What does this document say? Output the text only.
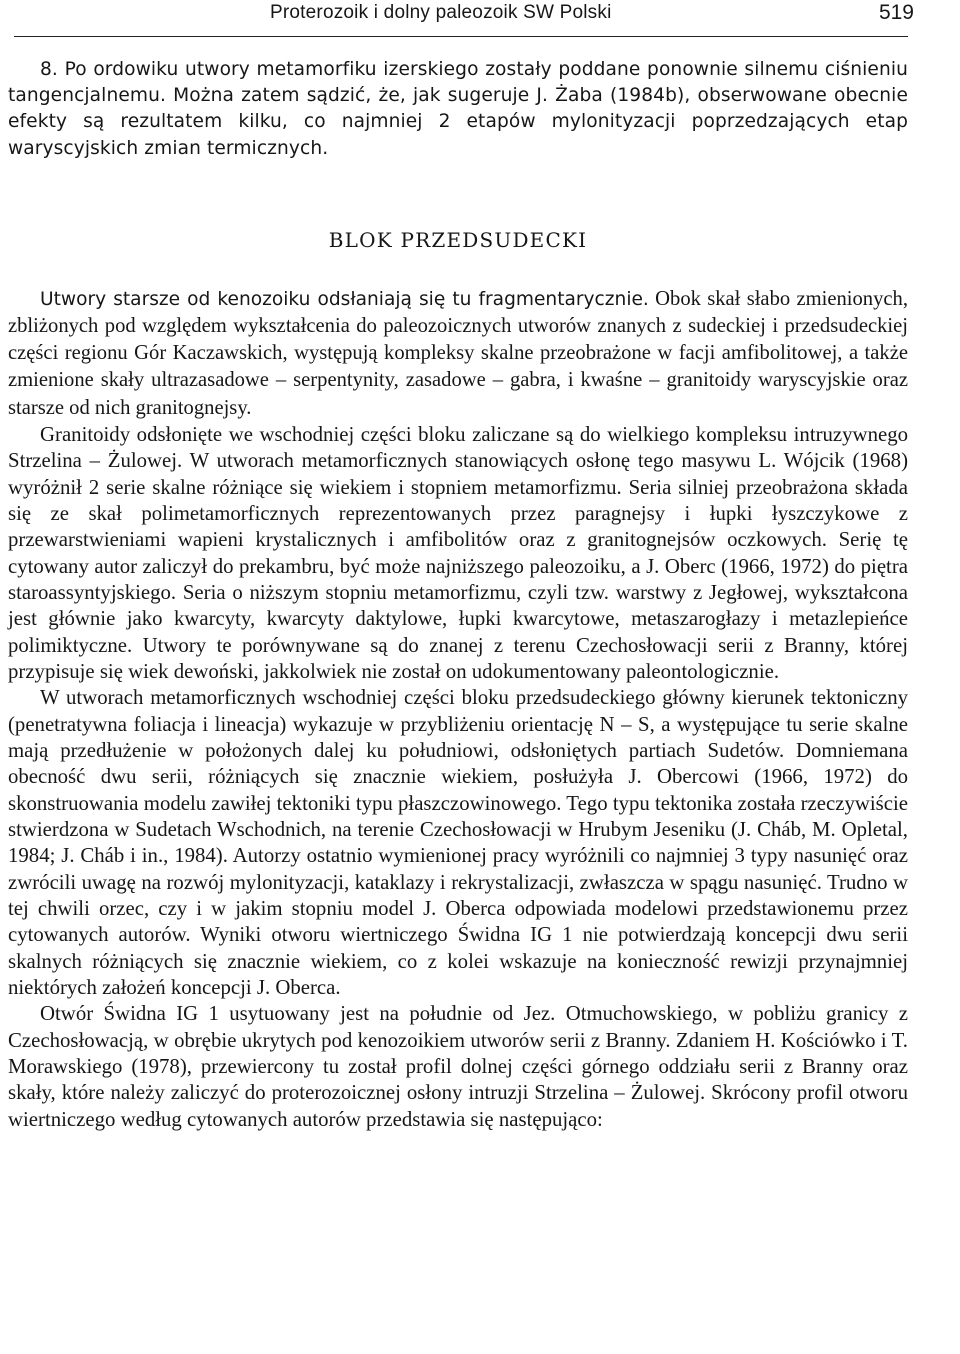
Proterozoik i dolny paleozoik SW Polski	519

8. Po ordowiku utwory metamorfiku izerskiego zostały poddane ponownie silnemu ciśnieniu tangencjalnemu. Można zatem sądzić, że, jak sugeruje J. Żaba (1984b), obserwowane obecnie efekty są rezultatem kilku, co najmniej 2 etapów mylonityzacji poprzedzających etap waryscyjskich zmian termicznych.

BLOK PRZEDSUDECKI

Utwory starsze od kenozoiku odsłaniają się tu fragmentarycznie. Obok skał słabo zmienionych, zbliżonych pod względem wykształcenia do paleozoicznych utworów znanych z sudeckiej i przedsudeckiej części regionu Gór Kaczawskich, występują kompleksy skalne przeobrażone w facji amfibolitowej, a także zmienione skały ultrazasadowe – serpentynity, zasadowe – gabra, i kwaśne – granitoidy waryscyjskie oraz starsze od nich granitognejsy.

Granitoidy odsłonięte we wschodniej części bloku zaliczane są do wielkiego kompleksu intruzywnego Strzelina – Żulowej. W utworach metamorficznych stanowiących osłonę tego masywu L. Wójcik (1968) wyróżnił 2 serie skalne różniące się wiekiem i stopniem metamorfizmu. Seria silniej przeobrażona składa się ze skał polimetamorficznych reprezentowanych przez paragnejsy i łupki łyszczykowe z przewarstwieniami wapieni krystalicznych i amfibolitów oraz z granitognejsów oczkowych. Serię tę cytowany autor zaliczył do prekambru, być może najniższego paleozoiku, a J. Oberc (1966, 1972) do piętra staroassyntyjskiego. Seria o niższym stopniu metamorfizmu, czyli tzw. warstwy z Jegłowej, wykształcona jest głównie jako kwarcyty, kwarcyty daktylowe, łupki kwarcytowe, metaszarogłazy i metazlepieńce polimiktyczne. Utwory te porównywane są do znanej z terenu Czechosłowacji serii z Branny, której przypisuje się wiek dewoński, jakkolwiek nie został on udokumentowany paleontologicznie.

W utworach metamorficznych wschodniej części bloku przedsudeckiego główny kierunek tektoniczny (penetratywna foliacja i lineacja) wykazuje w przybliżeniu orientację N – S, a występujące tu serie skalne mają przedłużenie w położonych dalej ku południowi, odsłoniętych partiach Sudetów. Domniemana obecność dwu serii, różniących się znacznie wiekiem, posłużyła J. Obercowi (1966, 1972) do skonstruowania modelu zawiłej tektoniki typu płaszczowinowego. Tego typu tektonika została rzeczywiście stwierdzona w Sudetach Wschodnich, na terenie Czechosłowacji w Hrubym Jeseniku (J. Cháb, M. Opletal, 1984; J. Cháb i in., 1984). Autorzy ostatnio wymienionej pracy wyróżnili co najmniej 3 typy nasunięć oraz zwrócili uwagę na rozwój mylonityzacji, kataklazy i rekrystalizacji, zwłaszcza w spągu nasunięć. Trudno w tej chwili orzec, czy i w jakim stopniu model J. Oberca odpowiada modelowi przedstawionemu przez cytowanych autorów. Wyniki otworu wiertniczego Świdna IG 1 nie potwierdzają koncepcji dwu serii skalnych różniących się znacznie wiekiem, co z kolei wskazuje na konieczność rewizji przynajmniej niektórych założeń koncepcji J. Oberca.

Otwór Świdna IG 1 usytuowany jest na południe od Jez. Otmuchowskiego, w pobliżu granicy z Czechosłowacją, w obrębie ukrytych pod kenozoikiem utworów serii z Branny. Zdaniem H. Kościówko i T. Morawskiego (1978), przewiercony tu został profil dolnej części górnego oddziału serii z Branny oraz skały, które należy zaliczyć do proterozoicznej osłony intruzji Strzelina – Żulowej. Skrócony profil otworu wiertniczego według cytowanych autorów przedstawia się następująco:
